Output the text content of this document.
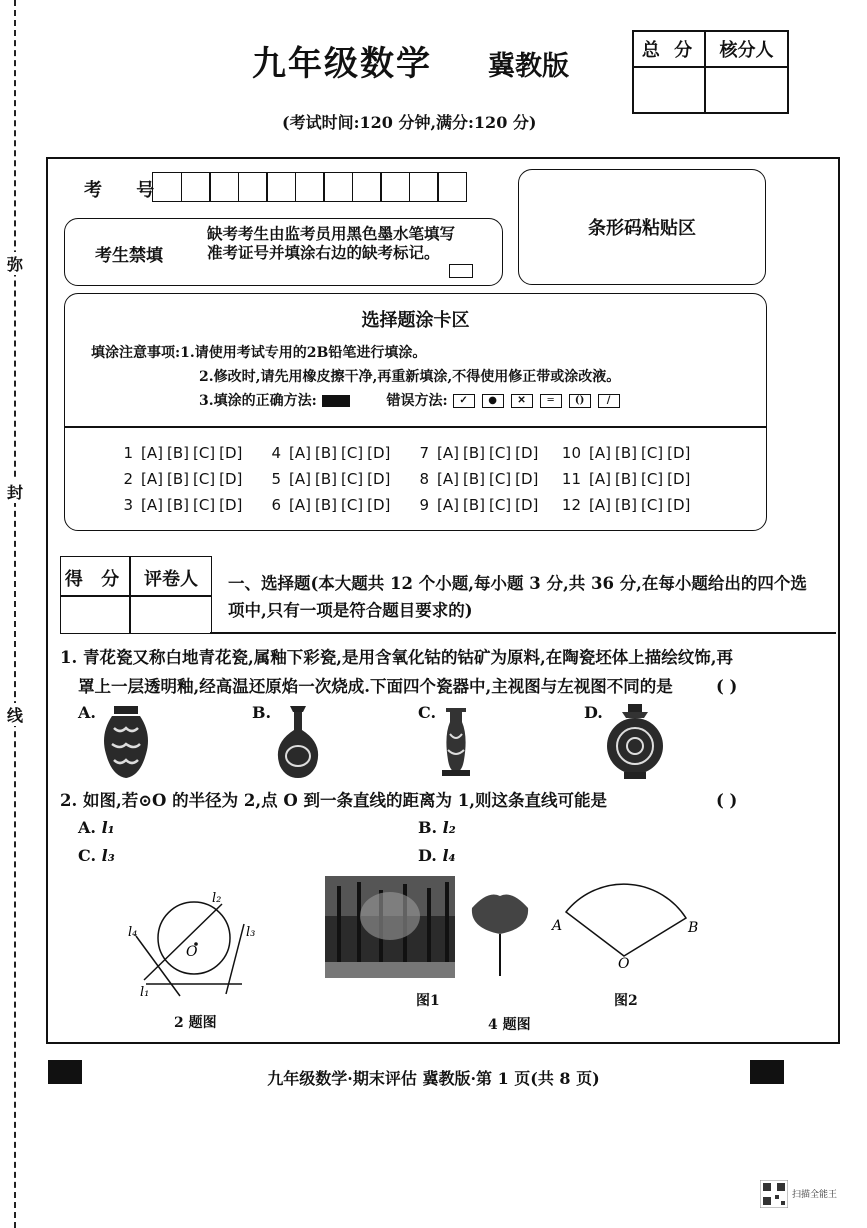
弥
封
线
九年级数学 冀教版
(考试时间:120 分钟,满分:120 分)
总 分	核分人
考 号
条形码粘贴区
考生禁填
缺考考生由监考员用黑色墨水笔填写准考证号并填涂右边的缺考标记。
选择题涂卡区
填涂注意事项:1.请使用考试专用的2B铅笔进行填涂。
2.修改时,请先用橡皮擦干净,再重新填涂,不得使用修正带或涂改液。
3.填涂的正确方法:	错误方法: ✓ ● ✕ ═ () /
1 [A] [B] [C] [D]
2 [A] [B] [C] [D]
3 [A] [B] [C] [D]
4 [A] [B] [C] [D]
5 [A] [B] [C] [D]
6 [A] [B] [C] [D]
7 [A] [B] [C] [D]
8 [A] [B] [C] [D]
9 [A] [B] [C] [D]
10 [A] [B] [C] [D]
11 [A] [B] [C] [D]
12 [A] [B] [C] [D]
得 分	评卷人	一、选择题(本大题共 12 个小题,每小题 3 分,共 36 分,在每小题给出的四个选项中,只有一项是符合题目要求的)
1. 青花瓷又称白地青花瓷,属釉下彩瓷,是用含氧化钴的钴矿为原料,在陶瓷坯体上描绘纹饰,再
罩上一层透明釉,经高温还原焰一次烧成.下面四个瓷器中,主视图与左视图不同的是	( )
A.	B.	C.	D.
2. 如图,若⊙O 的半径为 2,点 O 到一条直线的距离为 1,则这条直线可能是	( )
A. l₁	B. l₂
C. l₃	D. l₄
O
l₂
l₄	l₃
l₁
2 题图
图1
A	B
O
图2
4 题图
九年级数学·期末评估 冀教版·第 1 页(共 8 页)
扫描全能王
